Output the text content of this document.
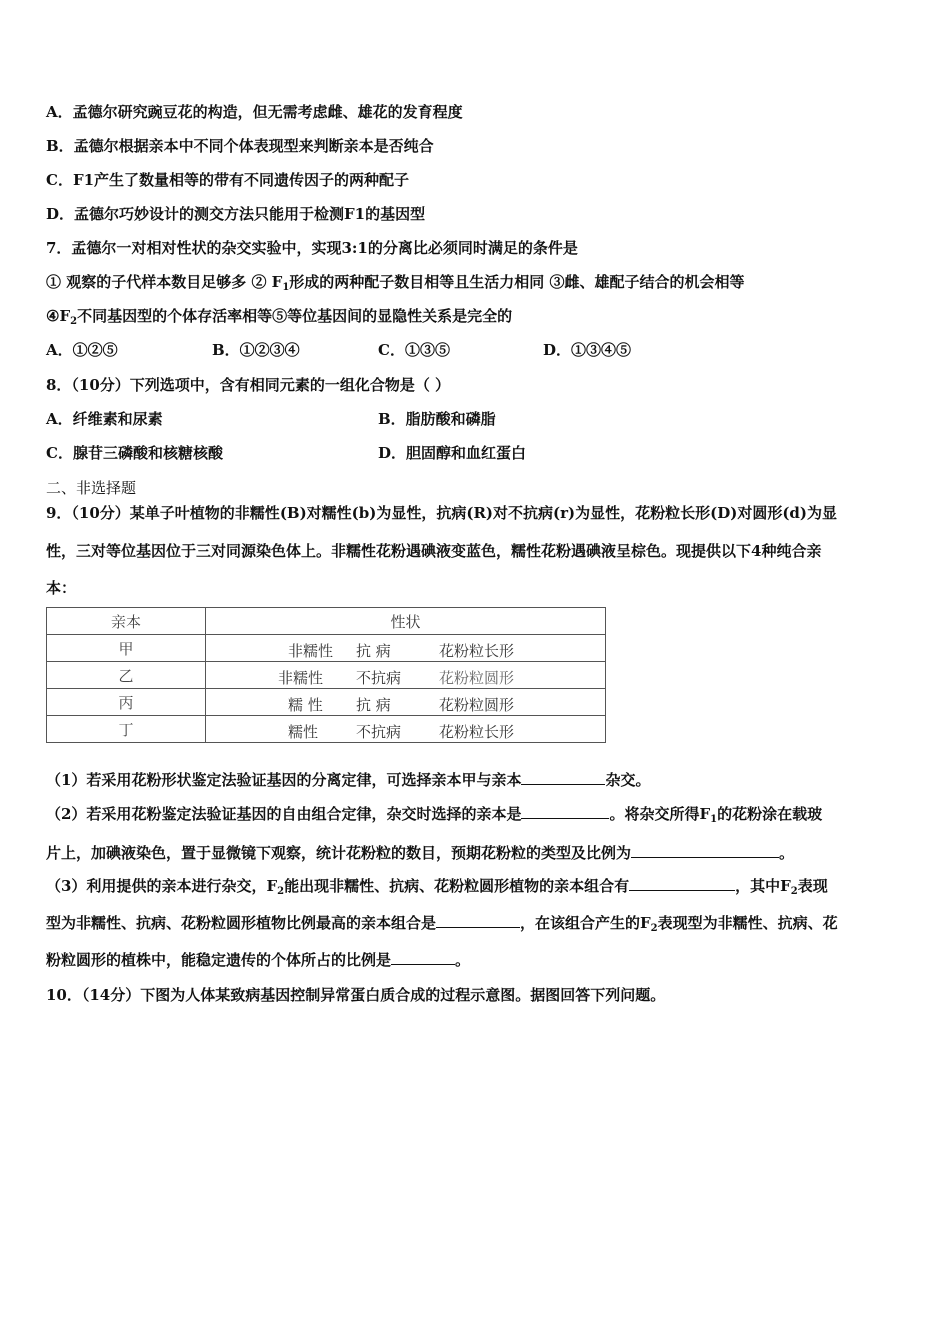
A．孟德尔研究豌豆花的构造，但无需考虑雌、雄花的发育程度
B．孟德尔根据亲本中不同个体表现型来判断亲本是否纯合
C．F1产生了数量相等的带有不同遗传因子的两种配子
D．孟德尔巧妙设计的测交方法只能用于检测F1的基因型
7．孟德尔一对相对性状的杂交实验中，实现3:1的分离比必须同时满足的条件是
① 观察的子代样本数目足够多 ② $F_1$形成的两种配子数目相等且生活力相同 ③雌、雄配子结合的机会相等
$④F_2$不同基因型的个体存活率相等⑤等位基因间的显隐性关系是完全的
A．①②⑤	B．①②③④	C．①③⑤	D．①③④⑤
8．（10分）下列选项中，含有相同元素的一组化合物是（ ）
A．纤维素和尿素	B．脂肪酸和磷脂
C．腺苷三磷酸和核糖核酸	D．胆固醇和血红蛋白
二、非选择题
9．（10分）某单子叶植物的非糯性(B)对糯性(b)为显性，抗病(R)对不抗病(r)为显性，花粉粒长形(D)对圆形(d)为显
性，三对等位基因位于三对同源染色体上。非糯性花粉遇碘液变蓝色，糯性花粉遇碘液呈棕色。现提供以下4种纯合亲
本：
亲本	性状
甲	非糯性 抗 病 花粉粒长形

乙	非糯性 不抗病 花粉粒圆形

丙	糯 性 抗 病 花粉粒圆形

丁	糯性 不抗病 花粉粒长形
（1）若采用花粉形状鉴定法验证基因的分离定律，可选择亲本甲与亲本	杂交。
（2）若采用花粉鉴定法验证基因的自由组合定律，杂交时选择的亲本是	。将杂交所得$F_1$的花粉涂在载玻
片上，加碘液染色，置于显微镜下观察，统计花粉粒的数目，预期花粉粒的类型及比例为	。
（3）利用提供的亲本进行杂交，$F_2$能出现非糯性、抗病、花粉粒圆形植物的亲本组合有	，其中$F_2$表现
型为非糯性、抗病、花粉粒圆形植物比例最高的亲本组合是	，在该组合产生的$F_2$表现型为非糯性、抗病、花
粉粒圆形的植株中，能稳定遗传的个体所占的比例是	。
10．（14分）下图为人体某致病基因控制异常蛋白质合成的过程示意图。据图回答下列问题。
